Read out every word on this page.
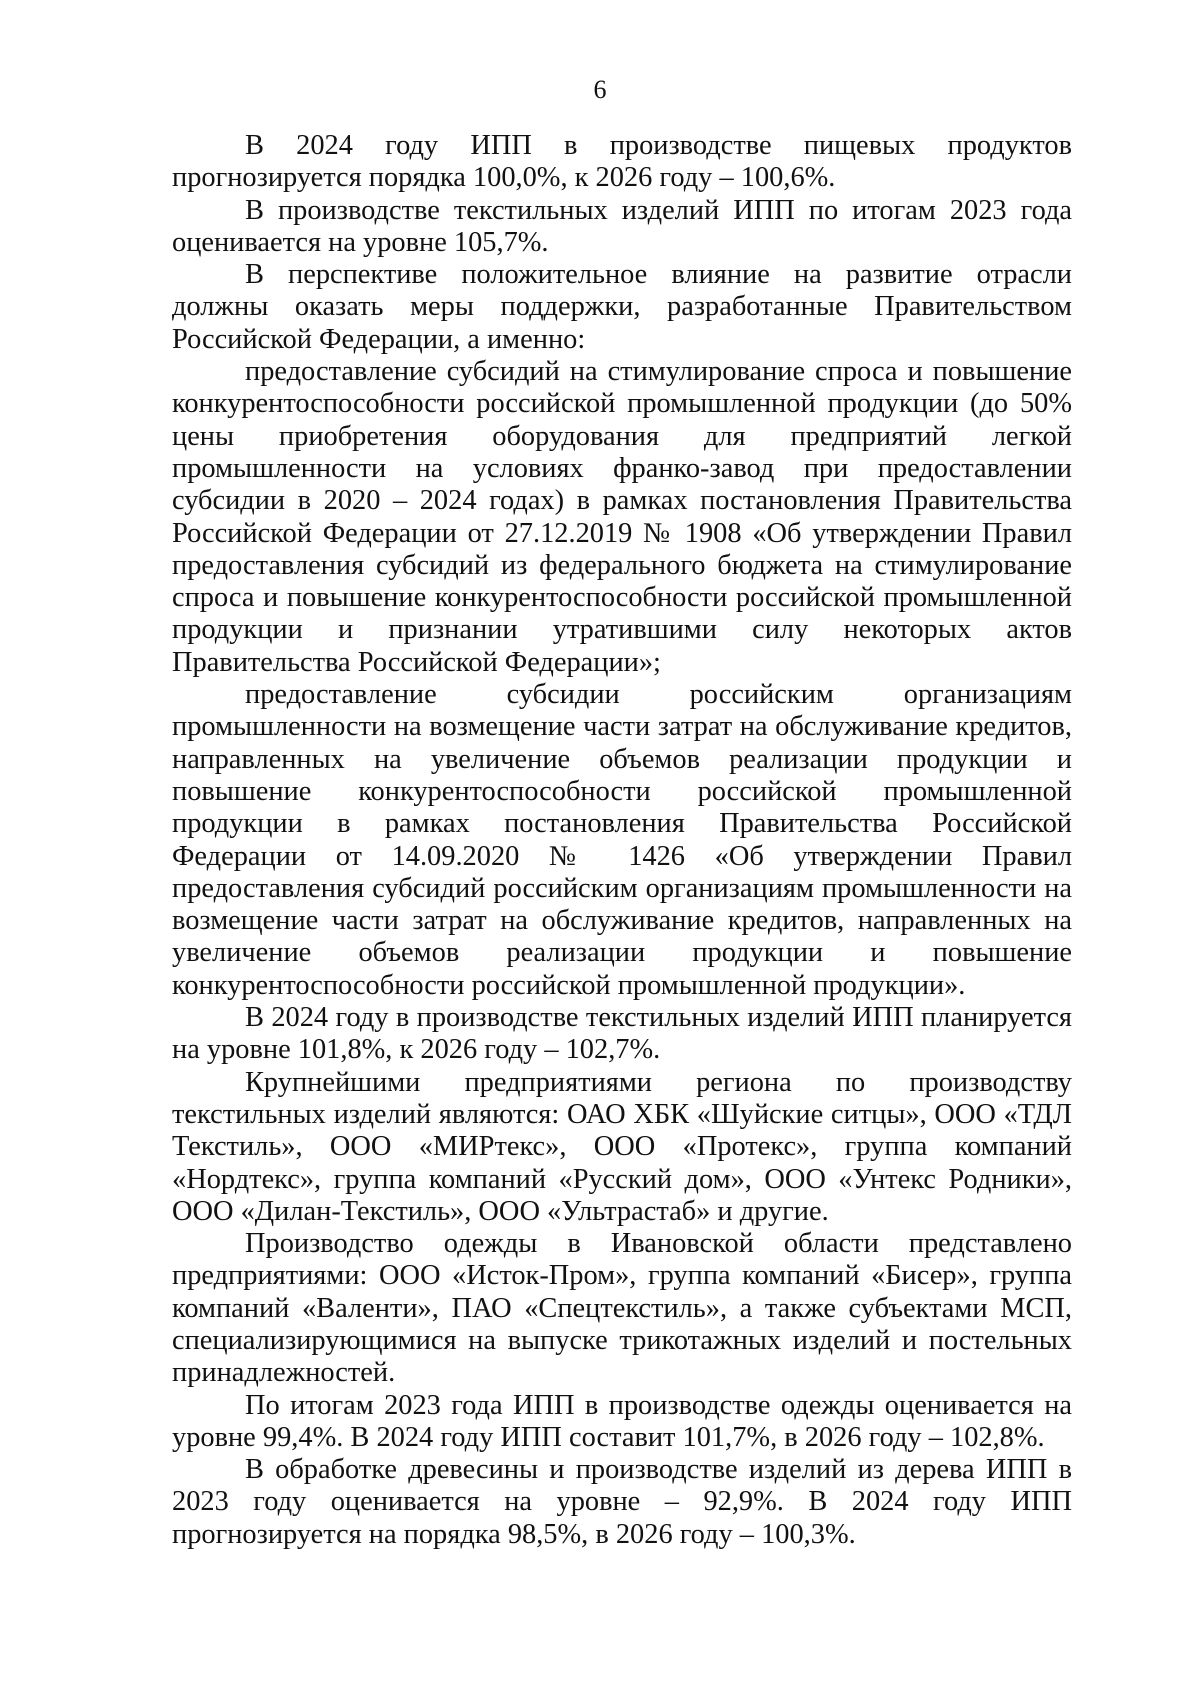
6

В 2024 году ИПП в производстве пищевых продуктов прогнозируется порядка 100,0%, к 2026 году – 100,6%.

В производстве текстильных изделий ИПП по итогам 2023 года оценивается на уровне 105,7%.

В перспективе положительное влияние на развитие отрасли должны оказать меры поддержки, разработанные Правительством Российской Федерации, а именно:

предоставление субсидий на стимулирование спроса и повышение конкурентоспособности российской промышленной продукции (до 50% цены приобретения оборудования для предприятий легкой промышленности на условиях франко-завод при предоставлении субсидии в 2020 – 2024 годах) в рамках постановления Правительства Российской Федерации от 27.12.2019 № 1908 «Об утверждении Правил предоставления субсидий из федерального бюджета на стимулирование спроса и повышение конкурентоспособности российской промышленной продукции и признании утратившими силу некоторых актов Правительства Российской Федерации»;

предоставление субсидии российским организациям промышленности на возмещение части затрат на обслуживание кредитов, направленных на увеличение объемов реализации продукции и повышение конкурентоспособности российской промышленной продукции в рамках постановления Правительства Российской Федерации от 14.09.2020 № 1426 «Об утверждении Правил предоставления субсидий российским организациям промышленности на возмещение части затрат на обслуживание кредитов, направленных на увеличение объемов реализации продукции и повышение конкурентоспособности российской промышленной продукции».

В 2024 году в производстве текстильных изделий ИПП планируется на уровне 101,8%, к 2026 году – 102,7%.

Крупнейшими предприятиями региона по производству текстильных изделий являются: ОАО ХБК «Шуйские ситцы», ООО «ТДЛ Текстиль», ООО «МИРтекс», ООО «Протекс», группа компаний «Нордтекс», группа компаний «Русский дом», ООО «Унтекс Родники», ООО «Дилан-Текстиль», ООО «Ультрастаб» и другие.

Производство одежды в Ивановской области представлено предприятиями: ООО «Исток-Пром», группа компаний «Бисер», группа компаний «Валенти», ПАО «Спецтекстиль», а также субъектами МСП, специализирующимися на выпуске трикотажных изделий и постельных принадлежностей.

По итогам 2023 года ИПП в производстве одежды оценивается на уровне 99,4%. В 2024 году ИПП составит 101,7%, в 2026 году – 102,8%.

В обработке древесины и производстве изделий из дерева ИПП в 2023 году оценивается на уровне – 92,9%. В 2024 году ИПП прогнозируется на порядка 98,5%, в 2026 году – 100,3%.
